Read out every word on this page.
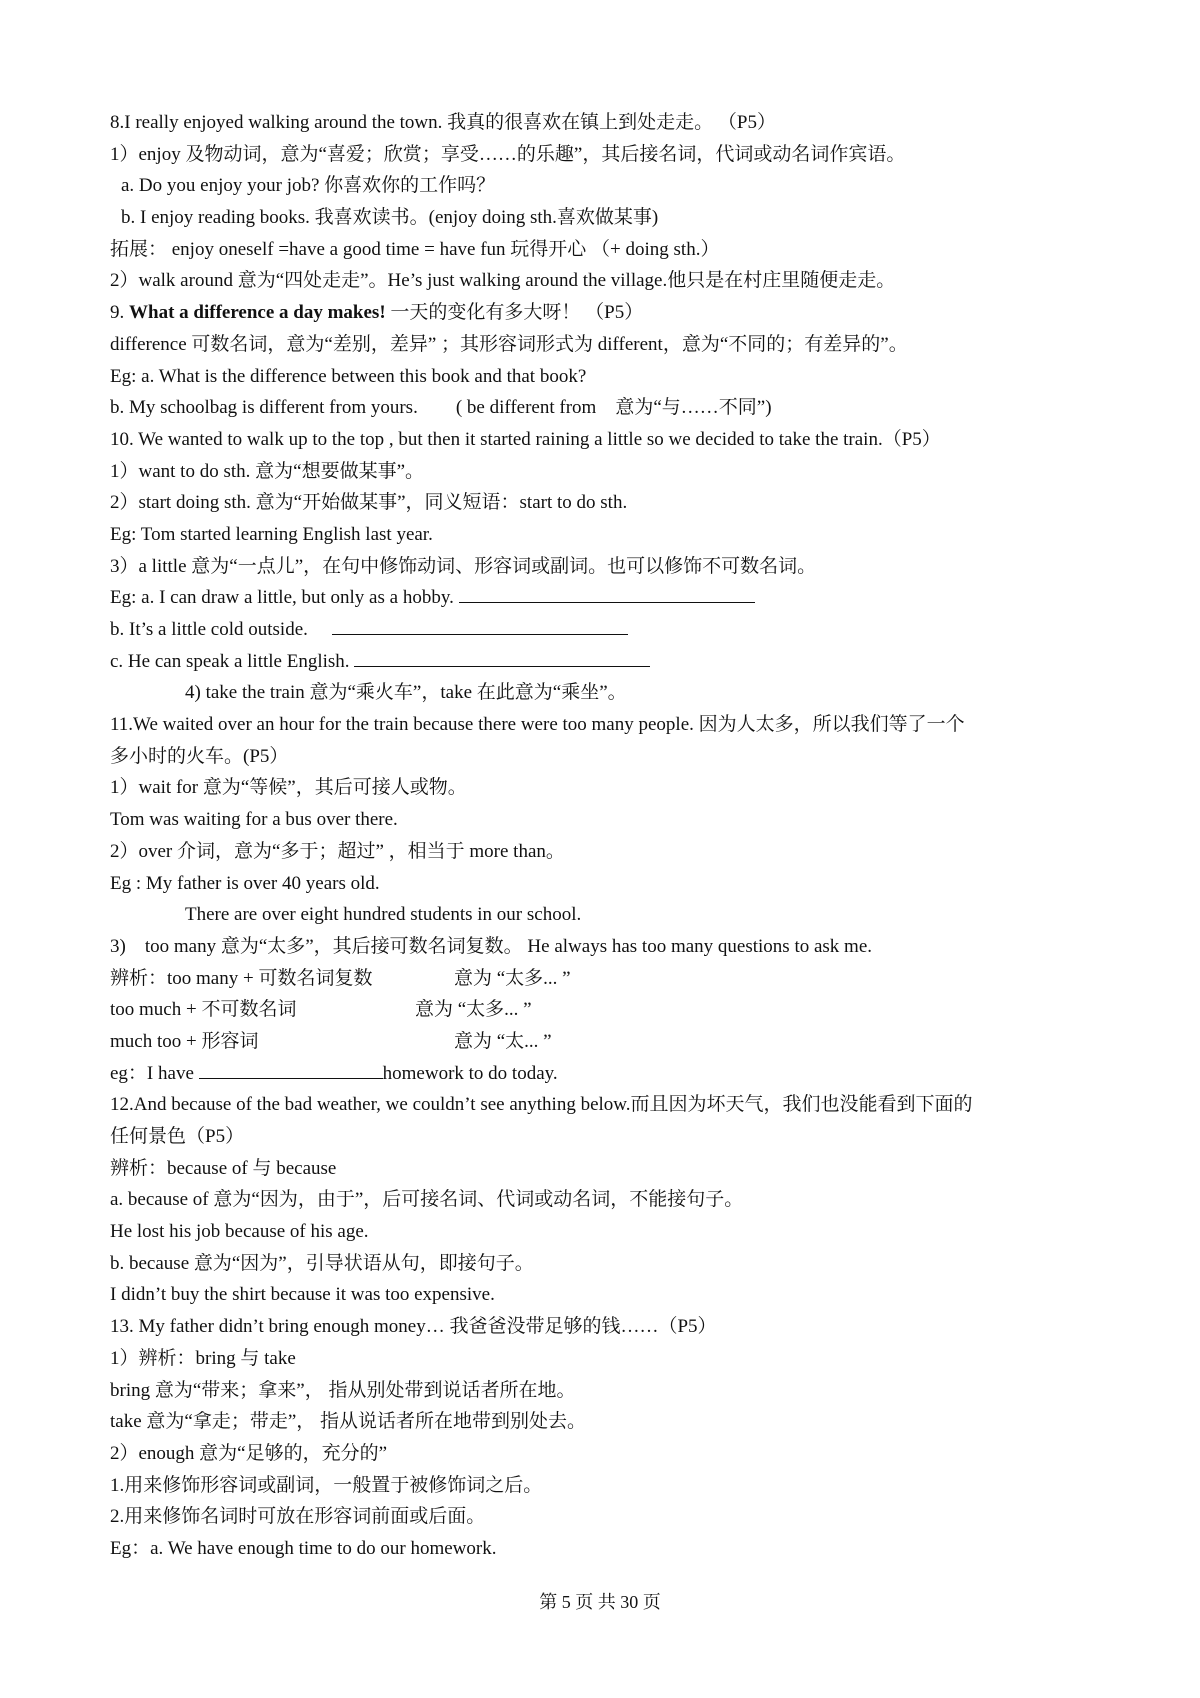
8.I really enjoyed walking around the town. 我真的很喜欢在镇上到处走走。 （P5）
1）enjoy 及物动词，意为“喜爱；欣赏；享受……的乐趣”，其后接名词，代词或动名词作宾语。
a. Do you enjoy your job? 你喜欢你的工作吗？
b. I enjoy reading books. 我喜欢读书。(enjoy doing sth.喜欢做某事)
拓展： enjoy oneself =have a good time = have fun 玩得开心 （+ doing sth.）
2）walk around 意为“四处走走”。He’s just walking around the village.他只是在村庄里随便走走。
9. What a difference a day makes! 一天的变化有多大呀！ （P5）
difference 可数名词，意为“差别，差异” ；其形容词形式为 different，意为“不同的；有差异的”。
Eg: a. What is the difference between this book and that book?
b. My schoolbag is different from yours.        ( be different from    意为“与……不同”)
10. We wanted to walk up to the top , but then it started raining a little so we decided to take the train.（P5）
1）want to do sth. 意为“想要做某事”。
2）start doing sth. 意为“开始做某事”，同义短语：start to do sth.
Eg: Tom started learning English last year.
3）a little 意为“一点儿”，在句中修饰动词、形容词或副词。也可以修饰不可数名词。
Eg: a. I can draw a little, but only as a hobby.
b. It’s a little cold outside.
c. He can speak a little English.
4) take the train 意为“乘火车”，take 在此意为“乘坐”。
11.We waited over an hour for the train because there were too many people. 因为人太多，所以我们等了一个
多小时的火车。(P5）
1）wait for 意为“等候”，其后可接人或物。
Tom was waiting for a bus over there.
2）over 介词，意为“多于；超过” ，相当于 more than。
Eg : My father is over 40 years old.
There are over eight hundred students in our school.
3)    too many 意为“太多”，其后接可数名词复数。 He always has too many questions to ask me.
辨析：too many + 可数名词复数	意为 “太多... ”
too much + 不可数名词	意为 “太多... ”
much too + 形容词	意为 “太... ”
eg：I have	homework to do today.
12.And because of the bad weather, we couldn’t see anything below.而且因为坏天气，我们也没能看到下面的
任何景色（P5）
辨析：because of 与 because
a. because of 意为“因为，由于”，后可接名词、代词或动名词，不能接句子。
He lost his job because of his age.
b. because 意为“因为”，引导状语从句，即接句子。
I didn’t buy the shirt because it was too expensive.
13. My father didn’t bring enough money… 我爸爸没带足够的钱……（P5）
1）辨析：bring 与 take
bring 意为“带来；拿来”， 指从别处带到说话者所在地。
take 意为“拿走；带走”， 指从说话者所在地带到别处去。
2）enough 意为“足够的，充分的”
1.用来修饰形容词或副词，一般置于被修饰词之后。
2.用来修饰名词时可放在形容词前面或后面。
Eg：a. We have enough time to do our homework.
第 5 页 共 30 页
